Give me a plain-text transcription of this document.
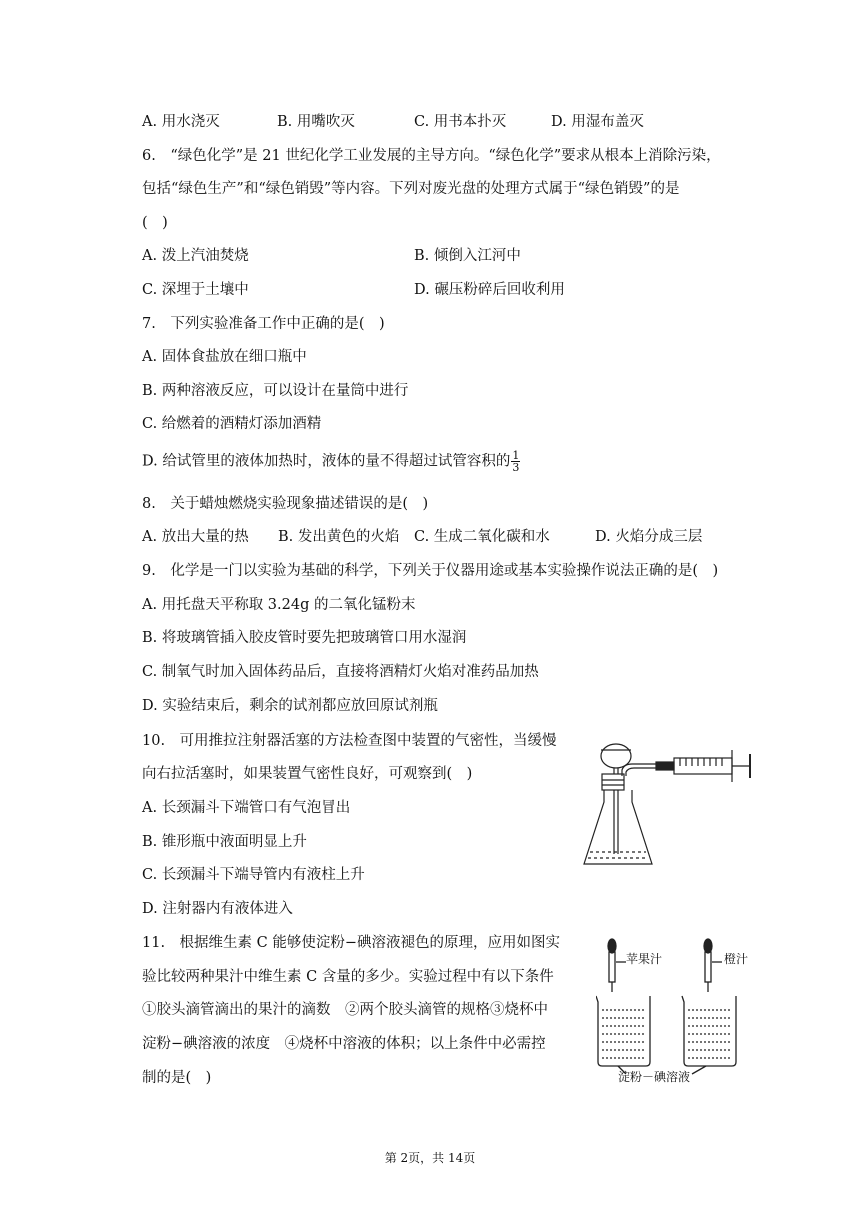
A. 用水浇灭	B. 用嘴吹灭	C. 用书本扑灭	D. 用湿布盖灭
6.　“绿色化学”是 21 世纪化学工业发展的主导方向。“绿色化学”要求从根本上消除污染，
包括“绿色生产”和“绿色销毁”等内容。下列对废光盘的处理方式属于“绿色销毁”的是
(　)
A. 泼上汽油焚烧	B. 倾倒入江河中
C. 深埋于土壤中	D. 碾压粉碎后回收利用
7.　下列实验准备工作中正确的是(　)
A. 固体食盐放在细口瓶中
B. 两种溶液反应，可以设计在量筒中进行
C. 给燃着的酒精灯添加酒精
D. 给试管里的液体加热时，液体的量不得超过试管容积的 $\frac{1}{3}$
8.　关于蜡烛燃烧实验现象描述错误的是(　)
A. 放出大量的热 B. 发出黄色的火焰 C. 生成二氧化碳和水	D. 火焰分成三层
9.　化学是一门以实验为基础的科学，下列关于仪器用途或基本实验操作说法正确的是(　)
A. 用托盘天平称取 3.24g 的二氧化锰粉末
B. 将玻璃管插入胶皮管时要先把玻璃管口用水湿润
C. 制氧气时加入固体药品后，直接将酒精灯火焰对准药品加热
D. 实验结束后，剩余的试剂都应放回原试剂瓶
10.　可用推拉注射器活塞的方法检查图中装置的气密性，当缓慢
向右拉活塞时，如果装置气密性良好，可观察到(　)
A. 长颈漏斗下端管口有气泡冒出
B. 锥形瓶中液面明显上升
C. 长颈漏斗下端导管内有液柱上升
D. 注射器内有液体进入
11.　根据维生素 C 能够使淀粉−碘溶液褪色的原理，应用如图实
验比较两种果汁中维生素 C 含量的多少。实验过程中有以下条件
①胶头滴管滴出的果汁的滴数　②两个胶头滴管的规格③烧杯中
淀粉−碘溶液的浓度　④烧杯中溶液的体积；以上条件中必需控
制的是(　)
苹果汁	橙汁
淀粉－碘溶液
第 2页，共 14页
